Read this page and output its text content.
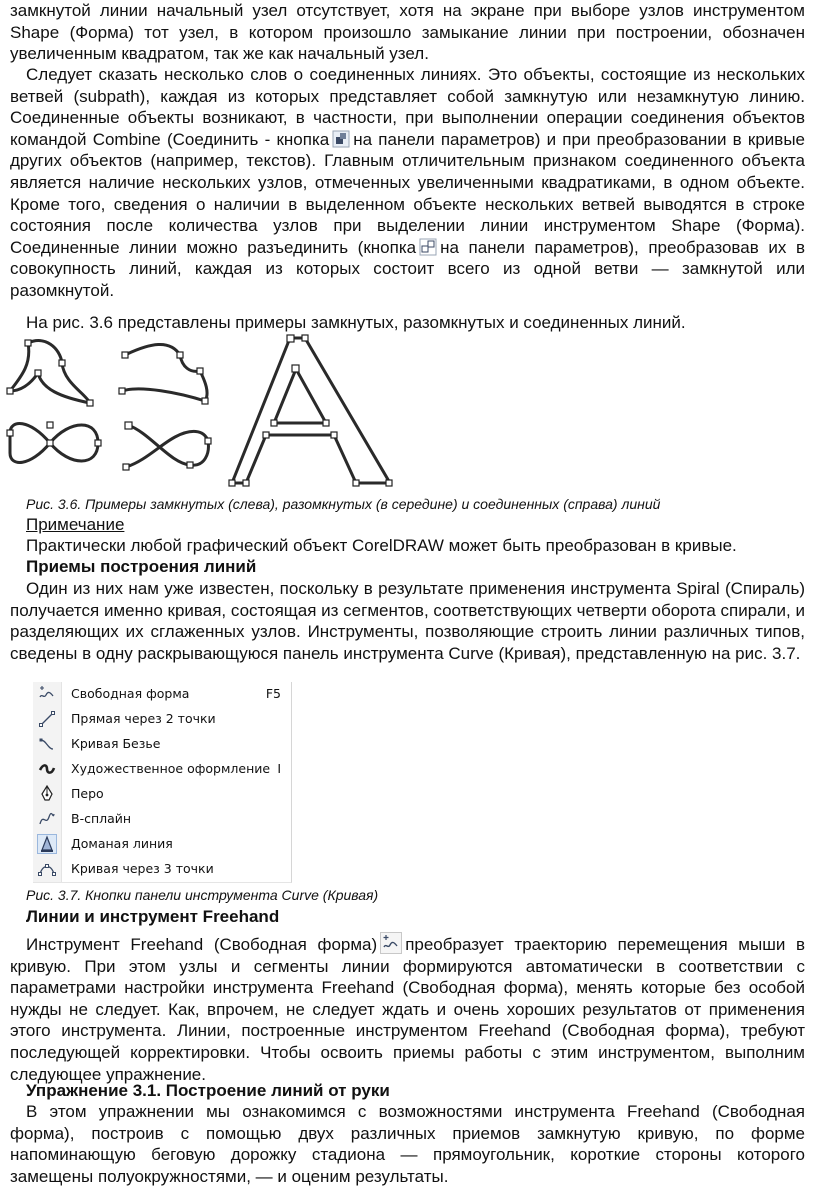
замкнутой линии начальный узел отсутствует, хотя на экране при выборе узлов инструментом Shape (Форма) тот узел, в котором произошло замыкание линии при построении, обозначен увеличенным квадратом, так же как начальный узел.

Следует сказать несколько слов о соединенных линиях. Это объекты, состоящие из нескольких ветвей (subpath), каждая из которых представляет собой замкнутую или незамкнутую линию. Соединенные объекты возникают, в частности, при выполнении операции соединения объектов командой Combine (Соединить - кнопка на панели параметров) и при преобразовании в кривые других объектов (например, текстов). Главным отличительным признаком соединенного объекта является наличие нескольких узлов, отмеченных увеличенными квадратиками, в одном объекте. Кроме того, сведения о наличии в выделенном объекте нескольких ветвей выводятся в строке состояния после количества узлов при выделении линии инструментом Shape (Форма). Соединенные линии можно разъединить (кнопка на панели параметров), преобразовав их в совокупность линий, каждая из которых состоит всего из одной ветви — замкнутой или разомкнутой.

На рис. 3.6 представлены примеры замкнутых, разомкнутых и соединенных линий.

Рис. 3.6. Примеры замкнутых (слева), разомкнутых (в середине) и соединенных (справа) линий

Примечание

Практически любой графический объект CorelDRAW может быть преобразован в кривые.

Приемы построения линий

Один из них нам уже известен, поскольку в результате применения инструмента Spiral (Спираль) получается именно кривая, состоящая из сегментов, соответствующих четверти оборота спирали, и разделяющих их сглаженных узлов. Инструменты, позволяющие строить линии различных типов, сведены в одну раскрывающуюся панель инструмента Curve (Кривая), представленную на рис. 3.7.

Свободная форма	F5
Прямая через 2 точки
Кривая Безье
Художественное оформление I
Перо
В-сплайн
Доманая линия
Кривая через 3 точки

Рис. 3.7. Кнопки панели инструмента Curve (Кривая)

Линии и инструмент Freehand

Инструмент Freehand (Свободная форма) преобразует траекторию перемещения мыши в кривую. При этом узлы и сегменты линии формируются автоматически в соответствии с параметрами настройки инструмента Freehand (Свободная форма), менять которые без особой нужды не следует. Как, впрочем, не следует ждать и очень хороших результатов от применения этого инструмента. Линии, построенные инструментом Freehand (Свободная форма), требуют последующей корректировки. Чтобы освоить приемы работы с этим инструментом, выполним следующее упражнение.

Упражнение 3.1. Построение линий от руки

В этом упражнении мы ознакомимся с возможностями инструмента Freehand (Свободная форма), построив с помощью двух различных приемов замкнутую кривую, по форме напоминающую беговую дорожку стадиона — прямоугольник, короткие стороны которого замещены полуокружностями, — и оценим результаты.
